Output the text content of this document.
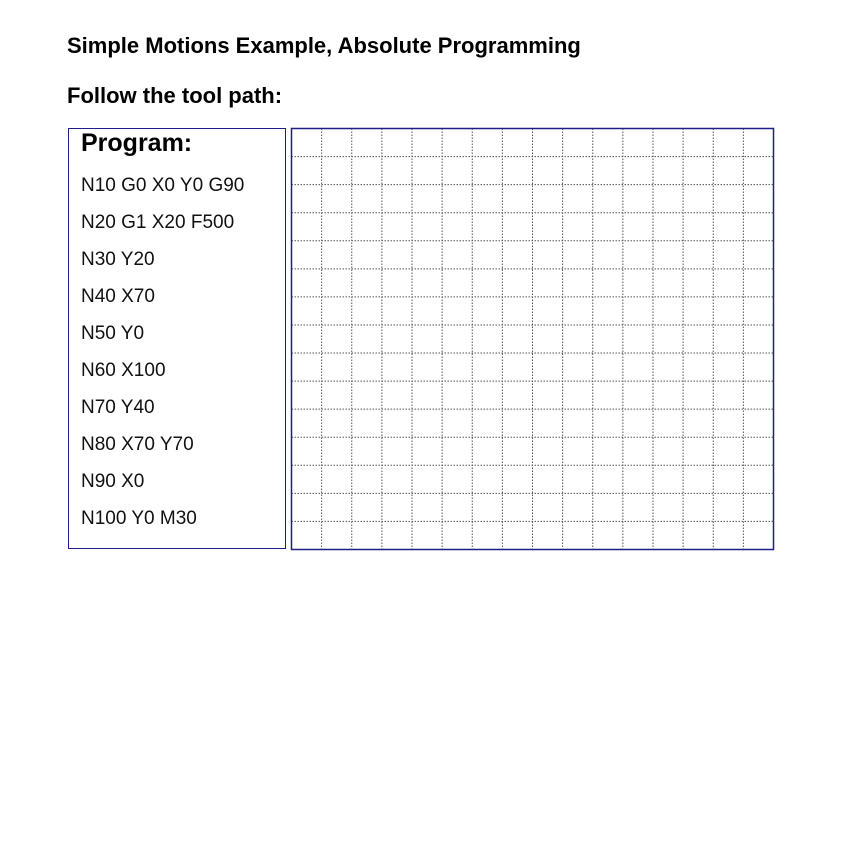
Simple Motions Example, Absolute Programming
Follow the tool path:
Program:
N10 G0 X0 Y0 G90
N20 G1 X20 F500
N30 Y20
N40 X70
N50 Y0
N60 X100
N70 Y40
N80 X70 Y70
N90 X0
N100 Y0 M30
